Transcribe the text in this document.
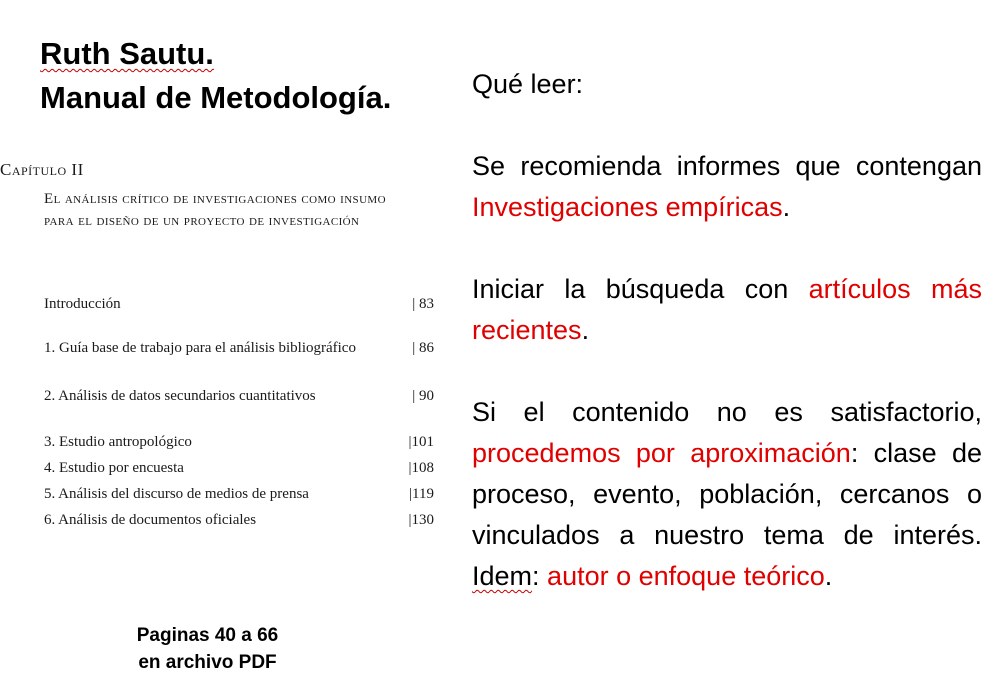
Ruth Sautu.
Manual de Metodología.
Capítulo II
El análisis crítico de investigaciones como insumo para el diseño de un proyecto de investigación
Introducción	| 83
1. Guía base de trabajo para el análisis bibliográfico	| 86
2. Análisis de datos secundarios cuantitativos	| 90
3. Estudio antropológico	|101
4. Estudio por encuesta	|108
5. Análisis del discurso de medios de prensa	|119
6. Análisis de documentos oficiales	|130
Paginas 40 a 66
en archivo PDF

Qué leer:

Se recomienda informes que contengan Investigaciones empíricas.

Iniciar la búsqueda con artículos más recientes.

Si el contenido no es satisfactorio, procedemos por aproximación: clase de proceso, evento, población, cercanos o vinculados a nuestro tema de interés. Idem: autor o enfoque teórico.
